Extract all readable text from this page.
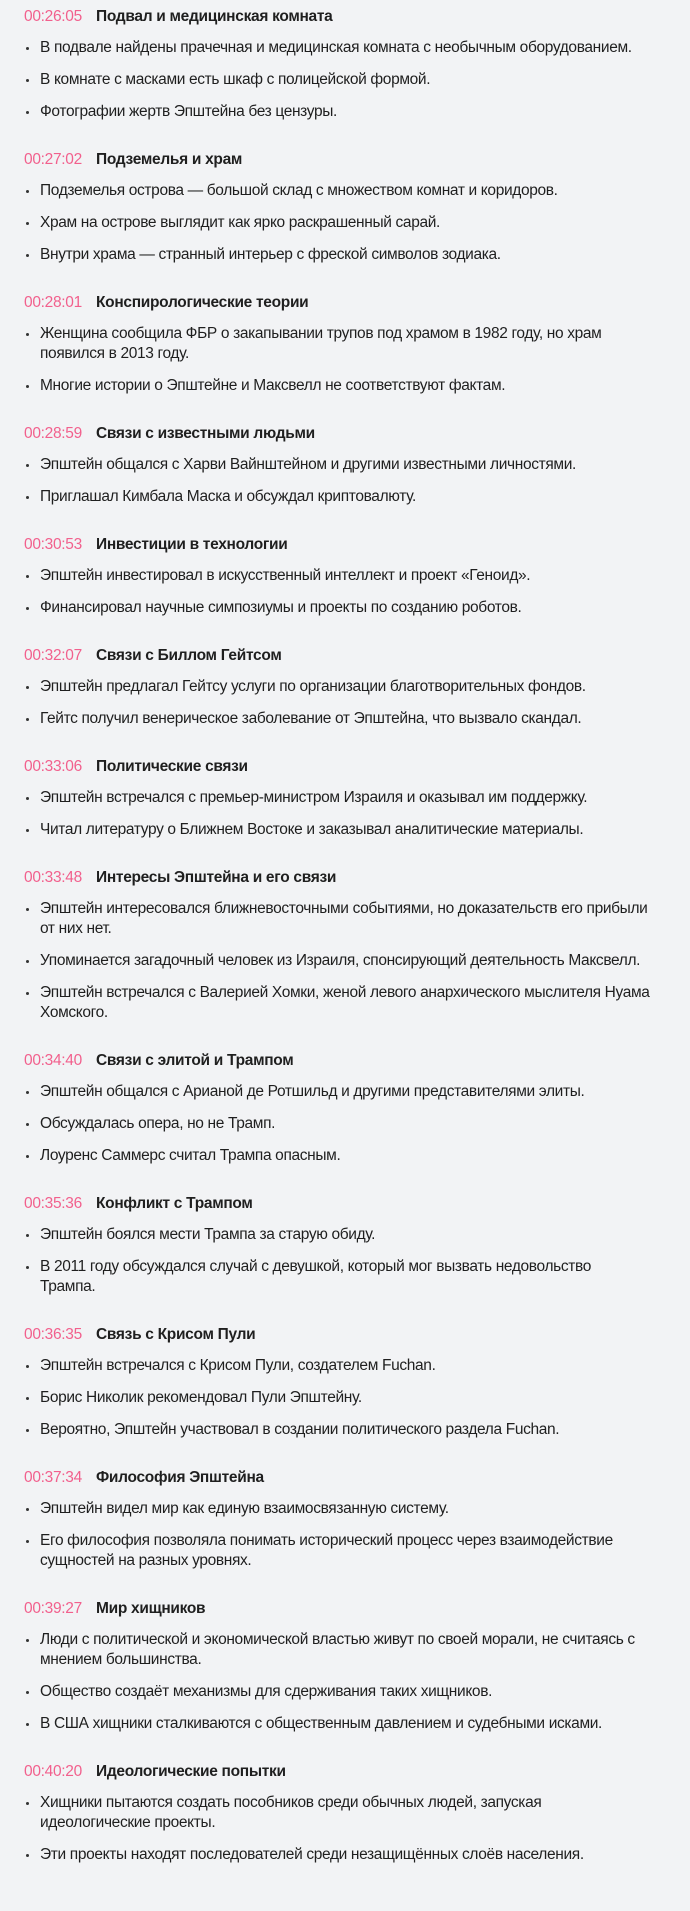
00:26:05 Подвал и медицинская комната
В подвале найдены прачечная и медицинская комната с необычным оборудованием.
В комнате с масками есть шкаф с полицейской формой.
Фотографии жертв Эпштейна без цензуры.
00:27:02 Подземелья и храм
Подземелья острова — большой склад с множеством комнат и коридоров.
Храм на острове выглядит как ярко раскрашенный сарай.
Внутри храма — странный интерьер с фреской символов зодиака.
00:28:01 Конспирологические теории
Женщина сообщила ФБР о закапывании трупов под храмом в 1982 году, но храм появился в 2013 году.
Многие истории о Эпштейне и Максвелл не соответствуют фактам.
00:28:59 Связи с известными людьми
Эпштейн общался с Харви Вайнштейном и другими известными личностями.
Приглашал Кимбала Маска и обсуждал криптовалюту.
00:30:53 Инвестиции в технологии
Эпштейн инвестировал в искусственный интеллект и проект «Геноид».
Финансировал научные симпозиумы и проекты по созданию роботов.
00:32:07 Связи с Биллом Гейтсом
Эпштейн предлагал Гейтсу услуги по организации благотворительных фондов.
Гейтс получил венерическое заболевание от Эпштейна, что вызвало скандал.
00:33:06 Политические связи
Эпштейн встречался с премьер-министром Израиля и оказывал им поддержку.
Читал литературу о Ближнем Востоке и заказывал аналитические материалы.
00:33:48 Интересы Эпштейна и его связи
Эпштейн интересовался ближневосточными событиями, но доказательств его прибыли от них нет.
Упоминается загадочный человек из Израиля, спонсирующий деятельность Максвелл.
Эпштейн встречался с Валерией Хомки, женой левого анархического мыслителя Нуама Хомского.
00:34:40 Связи с элитой и Трампом
Эпштейн общался с Арианой де Ротшильд и другими представителями элиты.
Обсуждалась опера, но не Трамп.
Лоуренс Саммерс считал Трампа опасным.
00:35:36 Конфликт с Трампом
Эпштейн боялся мести Трампа за старую обиду.
В 2011 году обсуждался случай с девушкой, который мог вызвать недовольство Трампа.
00:36:35 Связь с Крисом Пули
Эпштейн встречался с Крисом Пули, создателем Fuchan.
Борис Николик рекомендовал Пули Эпштейну.
Вероятно, Эпштейн участвовал в создании политического раздела Fuchan.
00:37:34 Философия Эпштейна
Эпштейн видел мир как единую взаимосвязанную систему.
Его философия позволяла понимать исторический процесс через взаимодействие сущностей на разных уровнях.
00:39:27 Мир хищников
Люди с политической и экономической властью живут по своей морали, не считаясь с мнением большинства.
Общество создаёт механизмы для сдерживания таких хищников.
В США хищники сталкиваются с общественным давлением и судебными исками.
00:40:20 Идеологические попытки
Хищники пытаются создать пособников среди обычных людей, запуская идеологические проекты.
Эти проекты находят последователей среди незащищённых слоёв населения.
